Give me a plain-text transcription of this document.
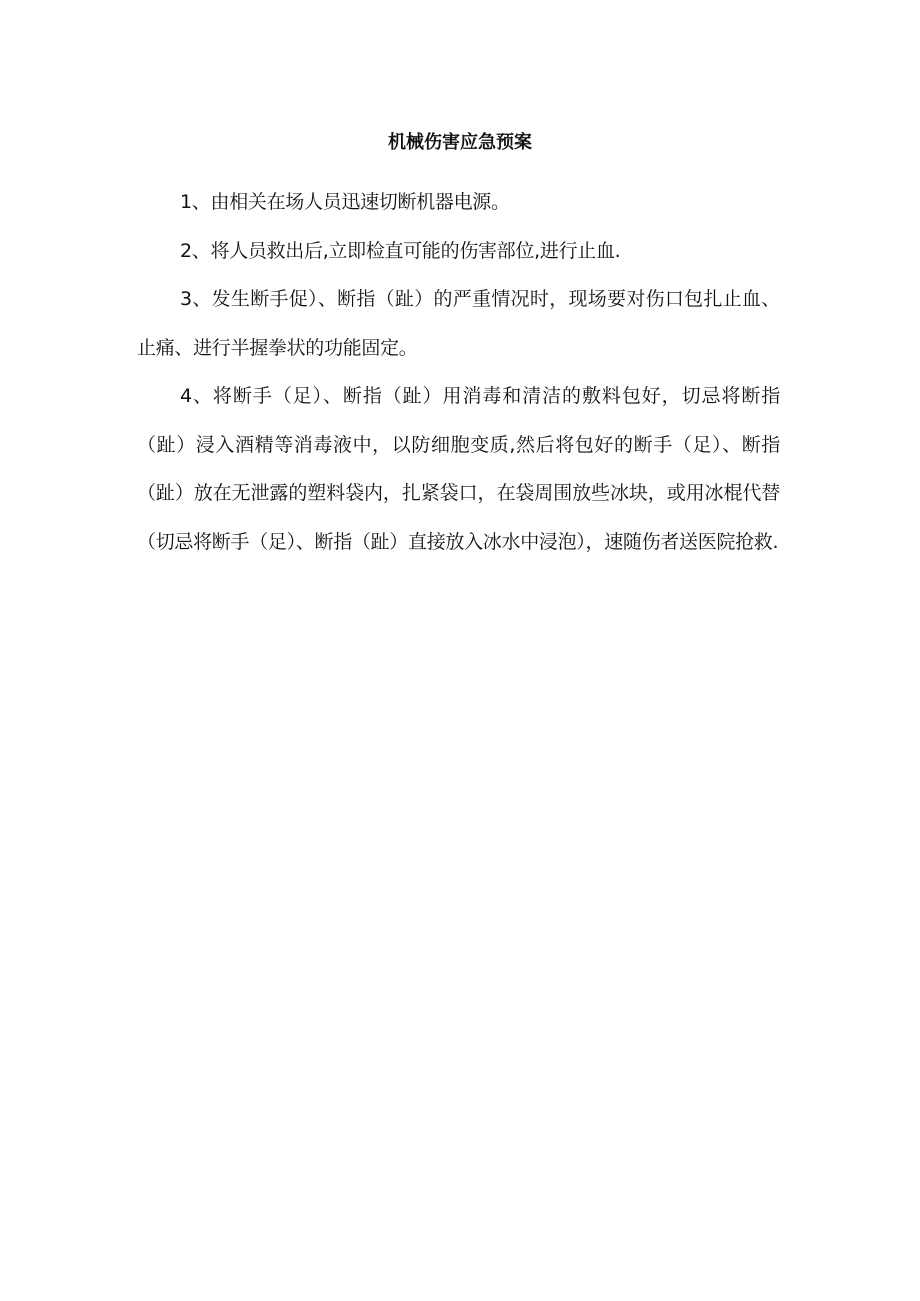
机械伤害应急预案

1、由相关在场人员迅速切断机器电源。

2、将人员救出后,立即检直可能的伤害部位,进行止血.

3、发生断手促）、断指（趾）的严重情况时，现场要对伤口包扎止血、止痛、进行半握拳状的功能固定。

4、将断手（足）、断指（趾）用消毒和清洁的敷料包好，切忌将断指（趾）浸入酒精等消毒液中，以防细胞变质,然后将包好的断手（足）、断指（趾）放在无泄露的塑料袋内，扎紧袋口，在袋周围放些冰块，或用冰棍代替（切忌将断手（足）、断指（趾）直接放入冰水中浸泡），速随伤者送医院抢救.
